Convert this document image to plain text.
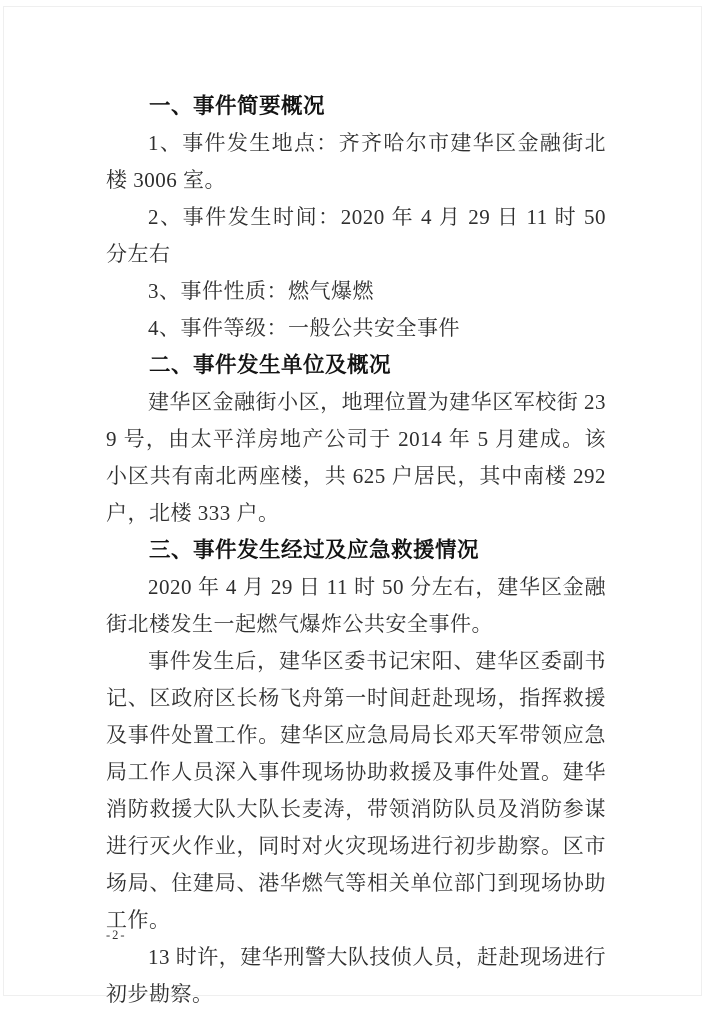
一、事件简要概况

1、事件发生地点：齐齐哈尔市建华区金融街北楼 3006 室。

2、事件发生时间：2020 年 4 月 29 日 11 时 50 分左右

3、事件性质：燃气爆燃

4、事件等级：一般公共安全事件

二、事件发生单位及概况

建华区金融街小区，地理位置为建华区军校街 239 号，由太平洋房地产公司于 2014 年 5 月建成。该小区共有南北两座楼，共 625 户居民，其中南楼 292 户，北楼 333 户。

三、事件发生经过及应急救援情况

2020 年 4 月 29 日 11 时 50 分左右，建华区金融街北楼发生一起燃气爆炸公共安全事件。

事件发生后，建华区委书记宋阳、建华区委副书记、区政府区长杨飞舟第一时间赶赴现场，指挥救援及事件处置工作。建华区应急局局长邓天军带领应急局工作人员深入事件现场协助救援及事件处置。建华消防救援大队大队长麦涛，带领消防队员及消防参谋进行灭火作业，同时对火灾现场进行初步勘察。区市场局、住建局、港华燃气等相关单位部门到现场协助工作。

13 时许，建华刑警大队技侦人员，赶赴现场进行初步勘察。

-2-
